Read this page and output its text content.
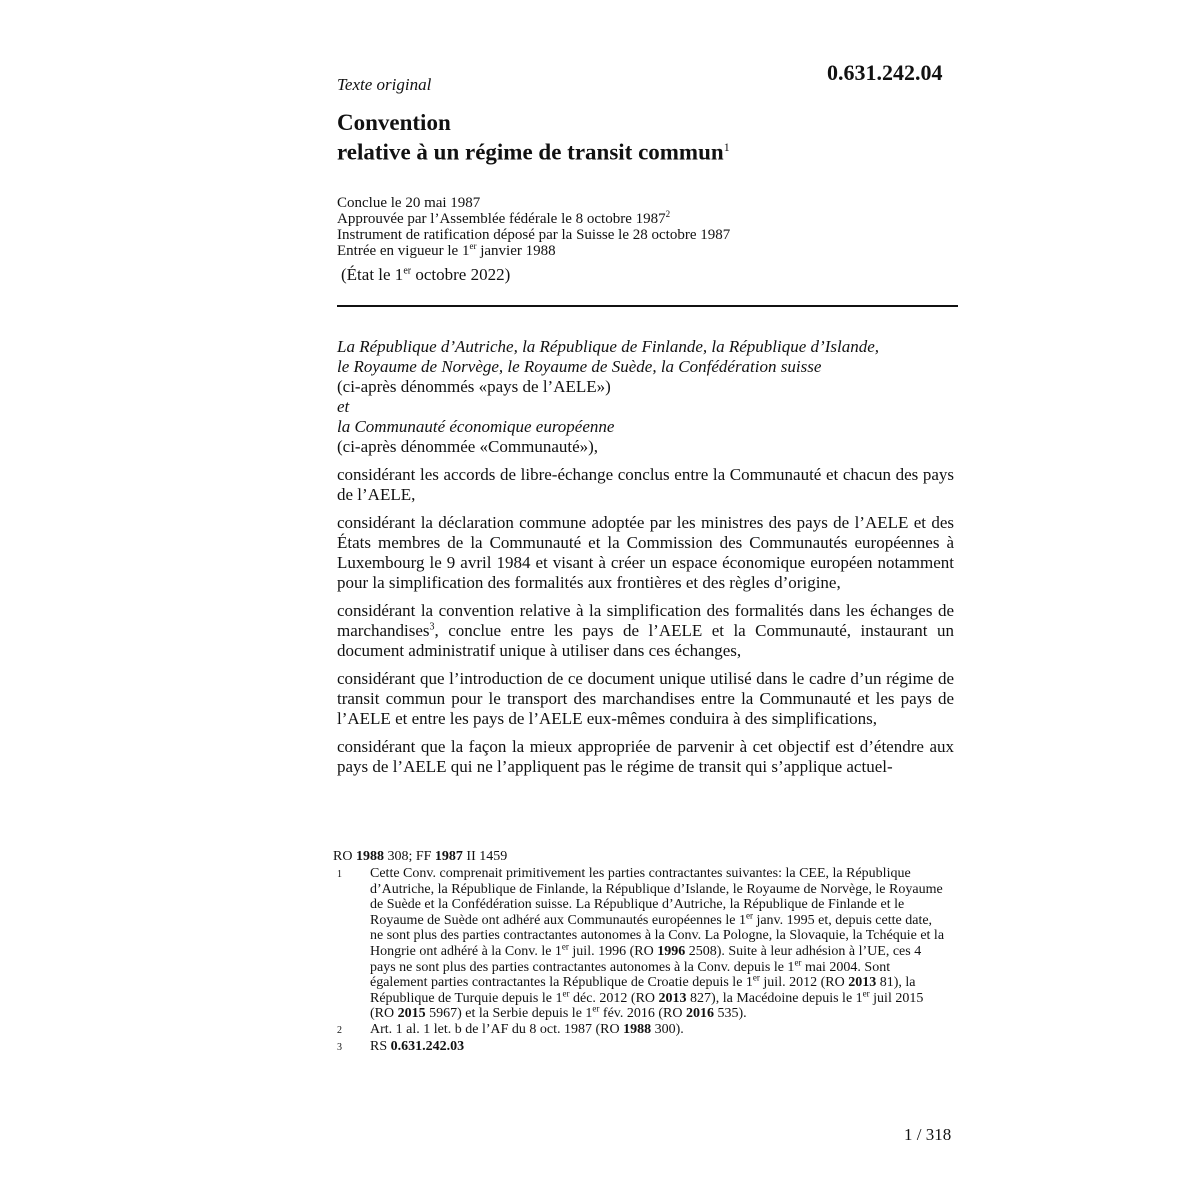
0.631.242.04
Texte original
Convention
relative à un régime de transit commun$^1$
Conclue le 20 mai 1987
Approuvée par l’Assemblée fédérale le 8 octobre 1987$^2$
Instrument de ratification déposé par la Suisse le 28 octobre 1987
Entrée en vigueur le 1er janvier 1988
(État le 1er octobre 2022)
La République d’Autriche, la République de Finlande, la République d’Islande,
le Royaume de Norvège, le Royaume de Suède, la Confédération suisse
(ci-après dénommés «pays de l’AELE»)
et
la Communauté économique européenne
(ci-après dénommée «Communauté»),

considérant les accords de libre-échange conclus entre la Communauté et chacun des pays de l’AELE,

considérant la déclaration commune adoptée par les ministres des pays de l’AELE et des États membres de la Communauté et la Commission des Communautés européennes à Luxembourg le 9 avril 1984 et visant à créer un espace économique européen notamment pour la simplification des formalités aux frontières et des règles d’origine,

considérant la convention relative à la simplification des formalités dans les échanges de marchandises$^3$, conclue entre les pays de l’AELE et la Communauté, instaurant un document administratif unique à utiliser dans ces échanges,

considérant que l’introduction de ce document unique utilisé dans le cadre d’un régime de transit commun pour le transport des marchandises entre la Communauté et les pays de l’AELE et entre les pays de l’AELE eux-mêmes conduira à des simplifications,

considérant que la façon la mieux appropriée de parvenir à cet objectif est d’étendre aux pays de l’AELE qui ne l’appliquent pas le régime de transit qui s’applique actuel-

RO 1988 308; FF 1987 II 1459
1	Cette Conv. comprenait primitivement les parties contractantes suivantes: la CEE, la République d’Autriche, la République de Finlande, la République d’Islande, le Royaume de Norvège, le Royaume de Suède et la Confédération suisse. La République d’Autriche, la République de Finlande et le Royaume de Suède ont adhéré aux Communautés européennes le 1er janv. 1995 et, depuis cette date, ne sont plus des parties contractantes autonomes à la Conv. La Pologne, la Slovaquie, la Tchéquie et la Hongrie ont adhéré à la Conv. le 1er juil. 1996 (RO 1996 2508). Suite à leur adhésion à l’UE, ces 4 pays ne sont plus des parties contractantes autonomes à la Conv. depuis le 1er mai 2004. Sont également parties contractantes la République de Croatie depuis le 1er juil. 2012 (RO 2013 81), la République de Turquie depuis le 1er déc. 2012 (RO 2013 827), la Macédoine depuis le 1er juil 2015 (RO 2015 5967) et la Serbie depuis le 1er fév. 2016 (RO 2016 535).
2	Art. 1 al. 1 let. b de l’AF du 8 oct. 1987 (RO 1988 300).
3	RS 0.631.242.03
1 / 318
